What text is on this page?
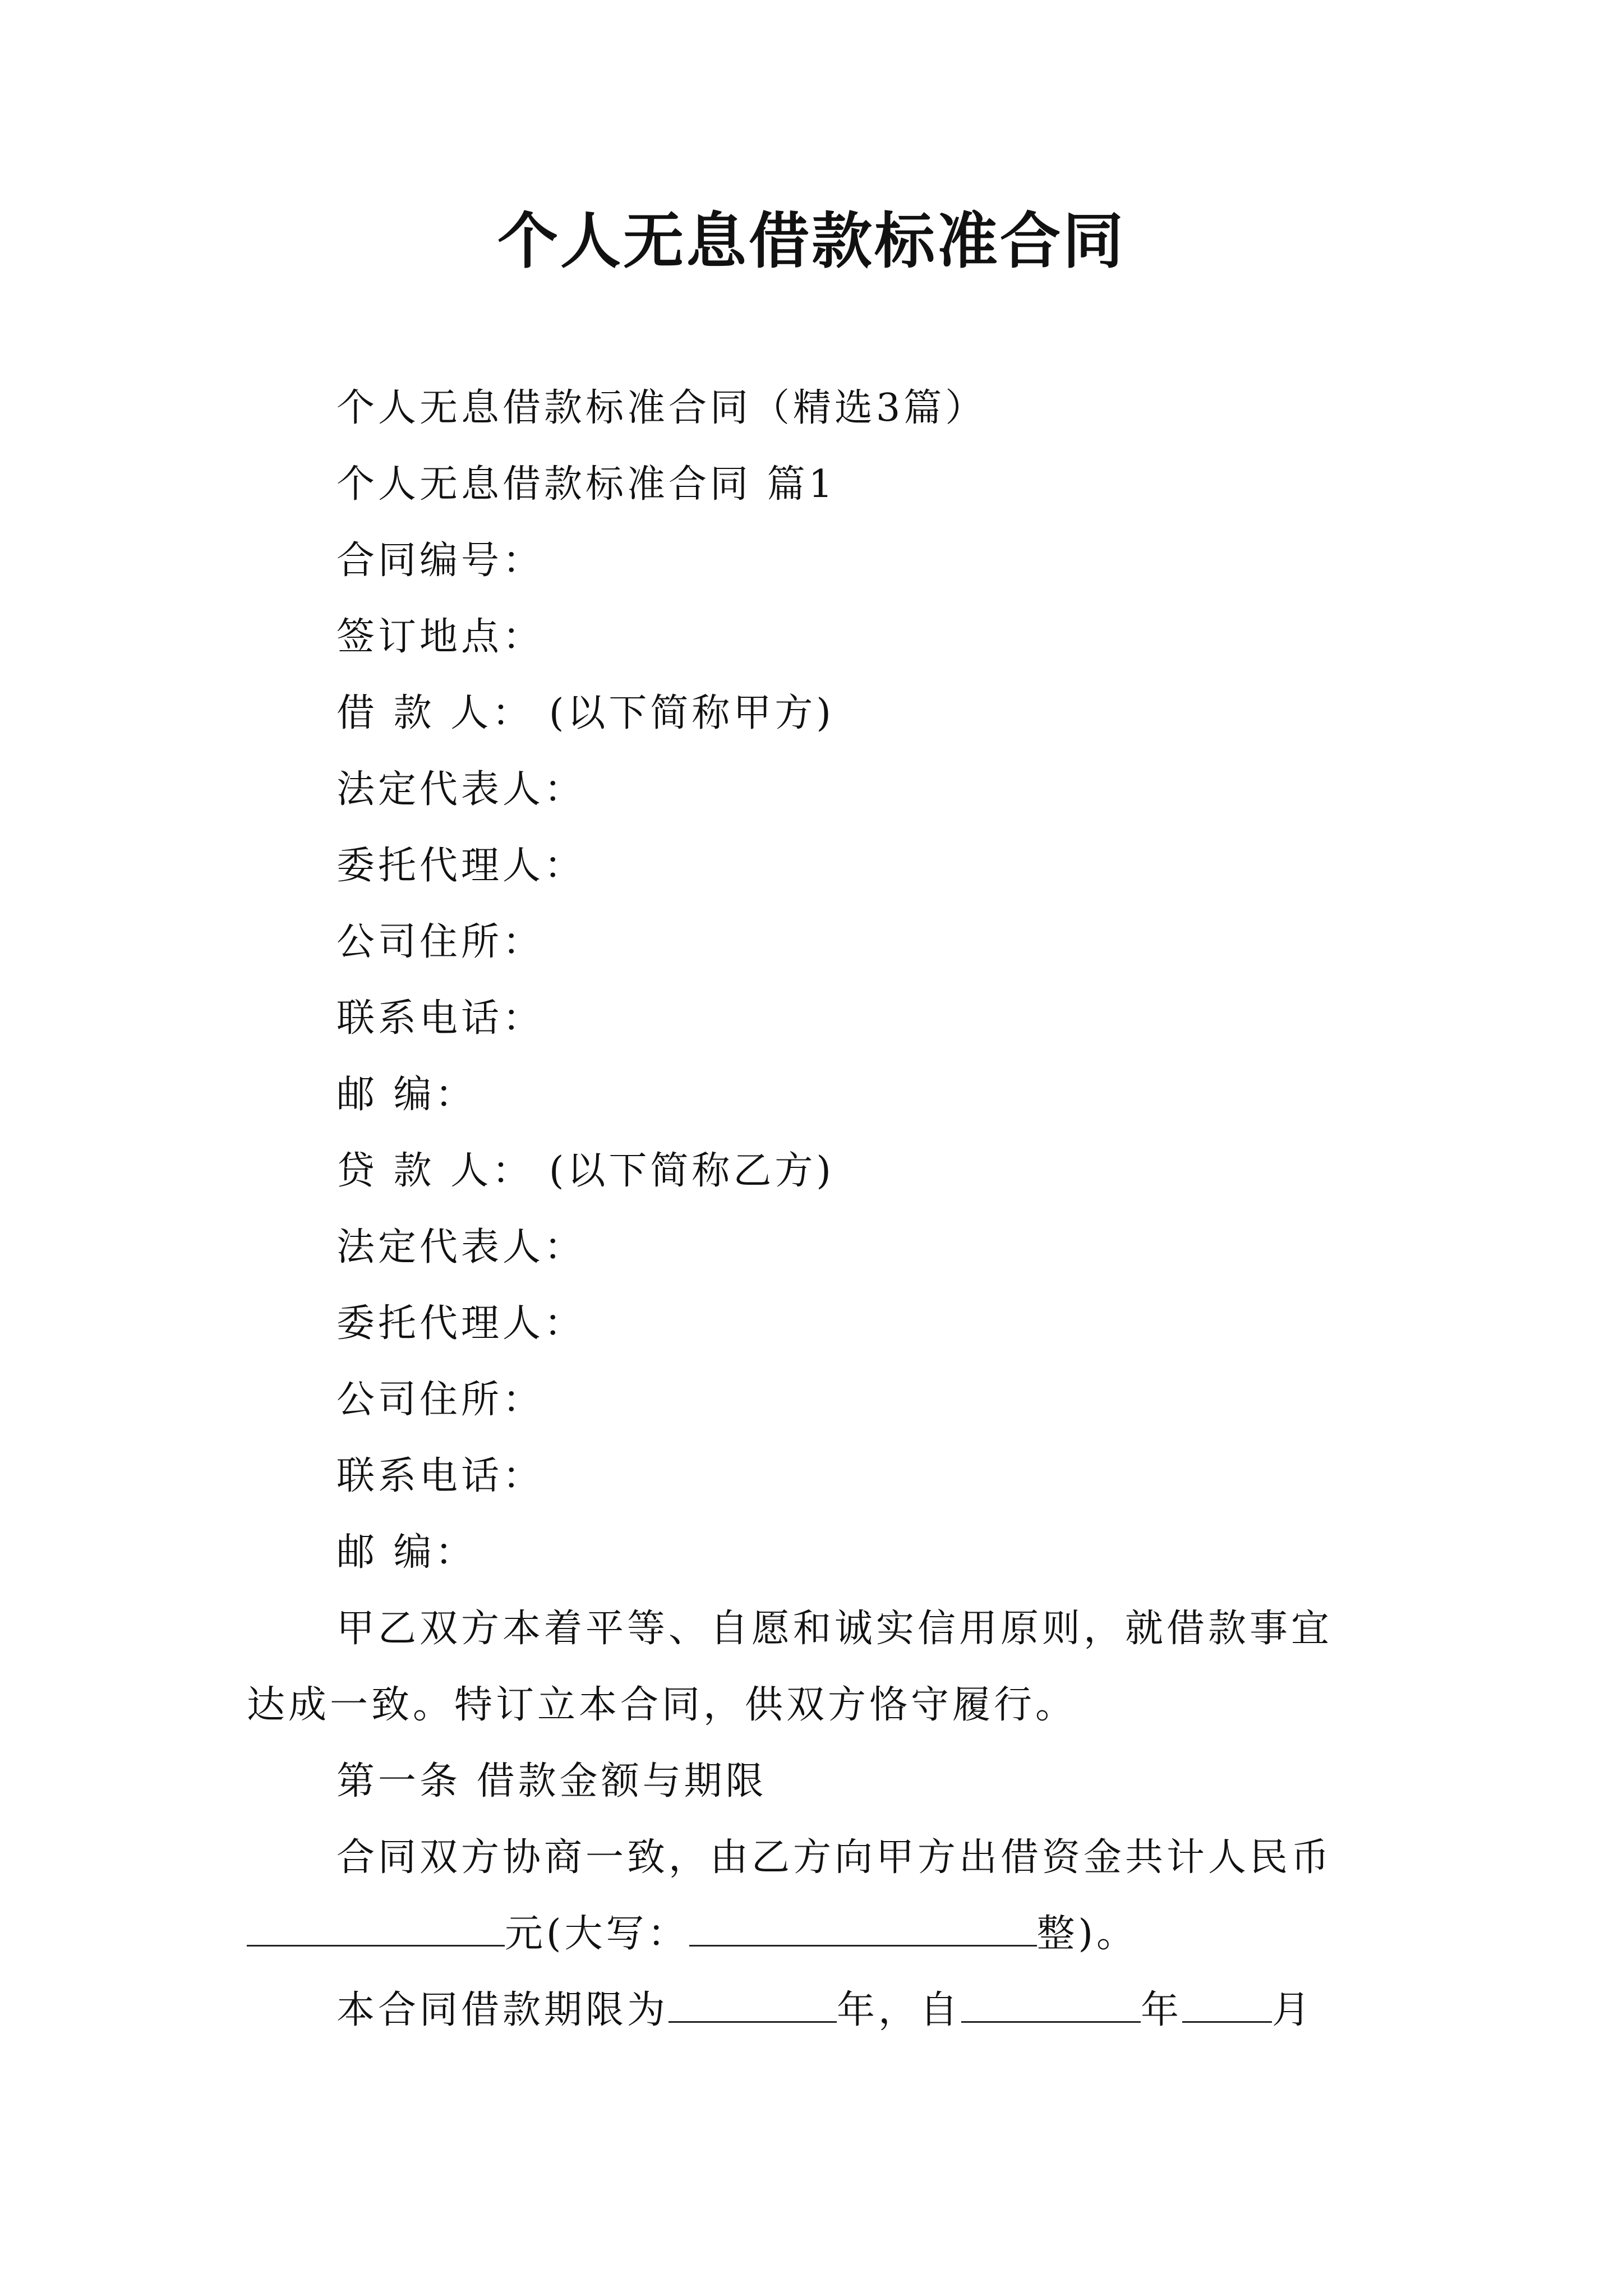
个人无息借款标准合同

个人无息借款标准合同（精选3篇）

个人无息借款标准合同 篇1

合同编号：

签订地点：

借 款 人： (以下简称甲方)

法定代表人：

委托代理人：

公司住所：

联系电话：

邮 编：

贷 款 人： (以下简称乙方)

法定代表人：

委托代理人：

公司住所：

联系电话：

邮 编：

甲乙双方本着平等、自愿和诚实信用原则，就借款事宜

达成一致。特订立本合同，供双方恪守履行。

第一条 借款金额与期限

合同双方协商一致，由乙方向甲方出借资金共计人民币

元(大写：	整)。

本合同借款期限为	年，自	年 月
